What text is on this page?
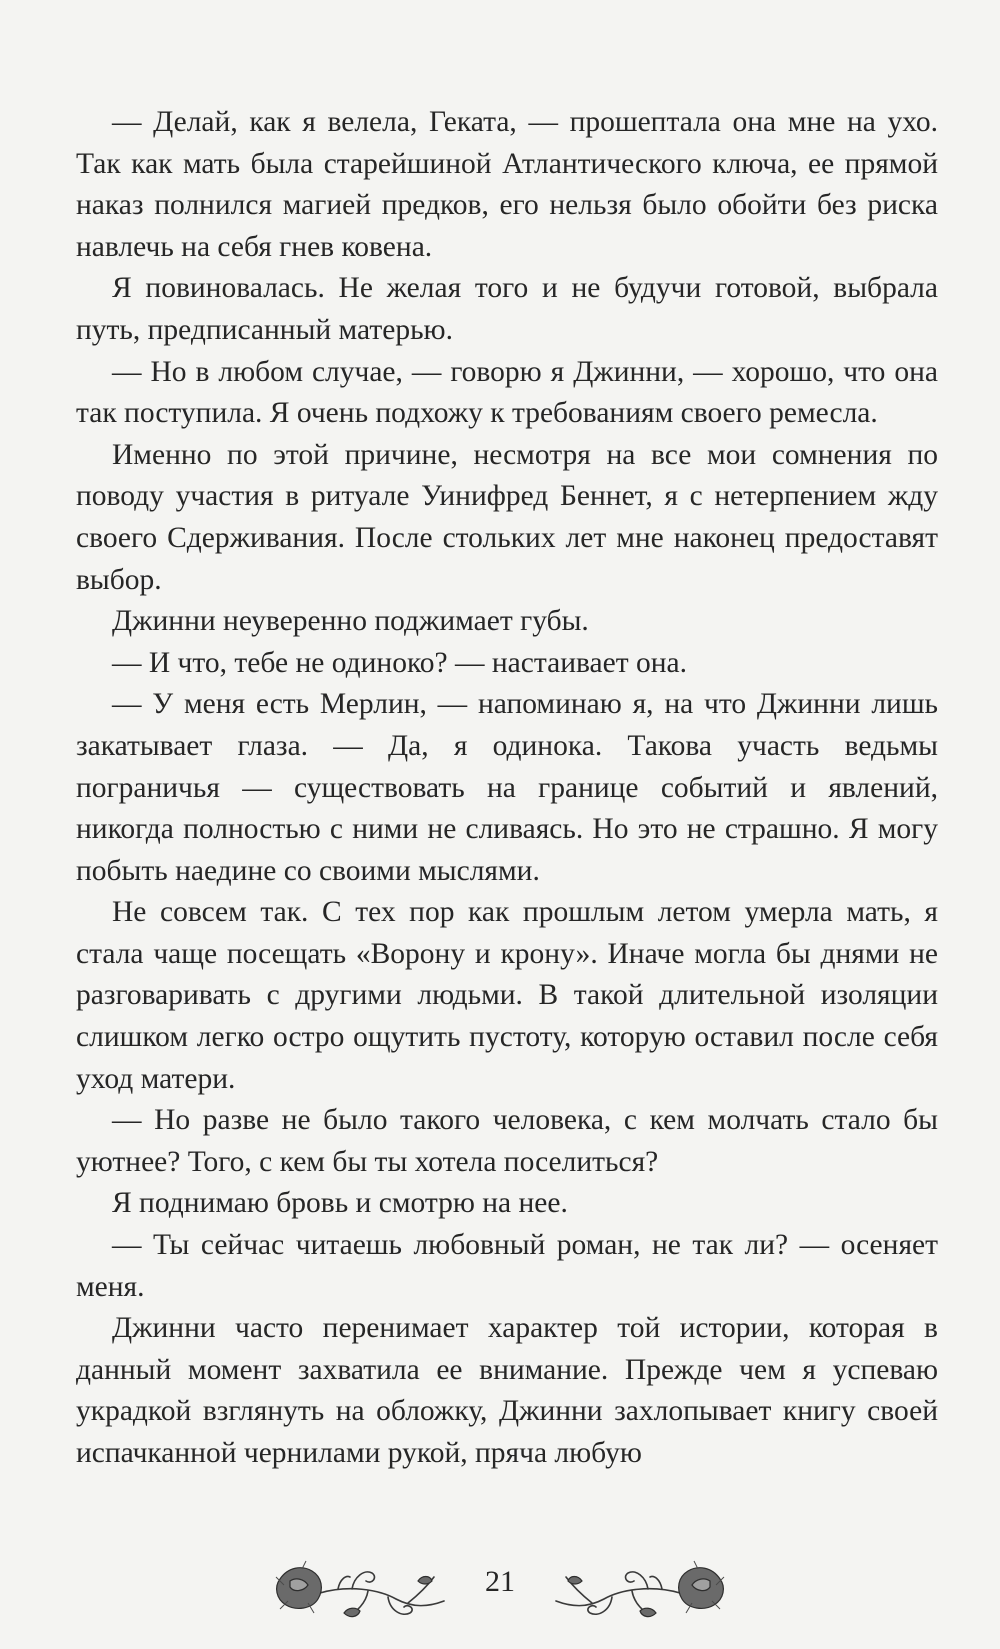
— Делай, как я велела, Геката, — прошептала она мне на ухо. Так как мать была старейшиной Атлантического ключа, ее прямой наказ полнился магией предков, его нельзя было обойти без риска навлечь на себя гнев ковена.

Я повиновалась. Не желая того и не будучи готовой, выбрала путь, предписанный матерью.

— Но в любом случае, — говорю я Джинни, — хорошо, что она так поступила. Я очень подхожу к требованиям своего ремесла.

Именно по этой причине, несмотря на все мои сомнения по поводу участия в ритуале Уинифред Беннет, я с нетерпением жду своего Сдерживания. После стольких лет мне наконец предоставят выбор.

Джинни неуверенно поджимает губы.

— И что, тебе не одиноко? — настаивает она.

— У меня есть Мерлин, — напоминаю я, на что Джинни лишь закатывает глаза. — Да, я одинока. Такова участь ведьмы пограничья — существовать на границе событий и явлений, никогда полностью с ними не сливаясь. Но это не страшно. Я могу побыть наедине со своими мыслями.

Не совсем так. С тех пор как прошлым летом умерла мать, я стала чаще посещать «Ворону и крону». Иначе могла бы днями не разговаривать с другими людьми. В такой длительной изоляции слишком легко остро ощутить пустоту, которую оставил после себя уход матери.

— Но разве не было такого человека, с кем молчать стало бы уютнее? Того, с кем бы ты хотела поселиться?

Я поднимаю бровь и смотрю на нее.

— Ты сейчас читаешь любовный роман, не так ли? — осеняет меня.

Джинни часто перенимает характер той истории, которая в данный момент захватила ее внимание. Прежде чем я успеваю украдкой взглянуть на обложку, Джинни захлопывает книгу своей испачканной чернилами рукой, пряча любую

21
